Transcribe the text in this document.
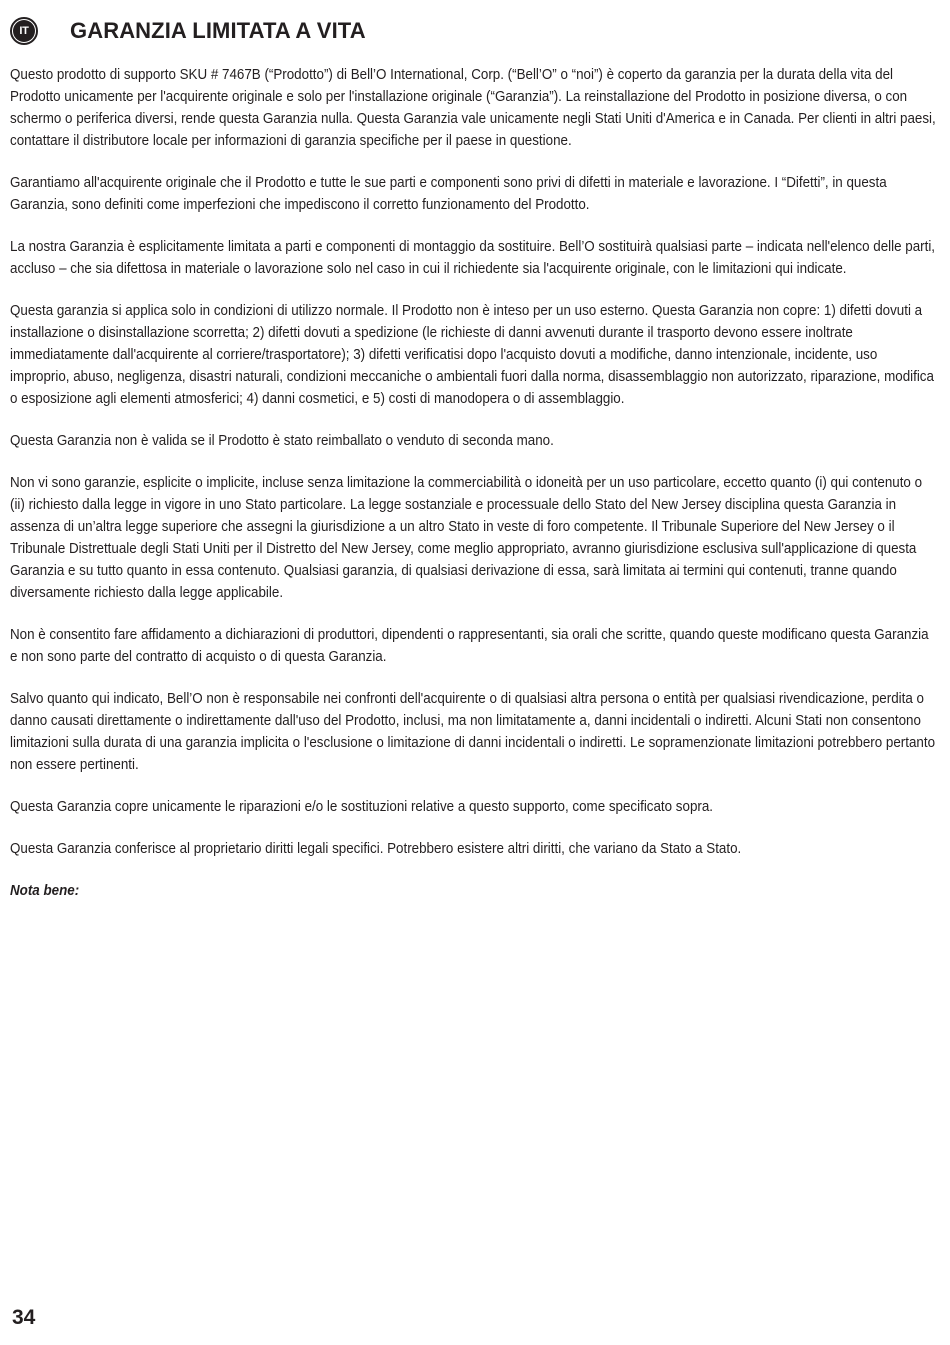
IT GARANZIA LIMITATA A VITA

Questo prodotto di supporto SKU # 7467B (“Prodotto”) di Bell’O International, Corp. (“Bell’O” o “noi”) è coperto da garanzia per la durata della vita del Prodotto unicamente per l'acquirente originale e solo per l'installazione originale (“Garanzia”). La reinstallazione del Prodotto in posizione diversa, o con schermo o periferica diversi, rende questa Garanzia nulla. Questa Garanzia vale unicamente negli Stati Uniti d'America e in Canada. Per clienti in altri paesi, contattare il distributore locale per informazioni di garanzia specifiche per il paese in questione.

Garantiamo all'acquirente originale che il Prodotto e tutte le sue parti e componenti sono privi di difetti in materiale e lavorazione. I “Difetti”, in questa Garanzia, sono definiti come imperfezioni che impediscono il corretto funzionamento del Prodotto.

La nostra Garanzia è esplicitamente limitata a parti e componenti di montaggio da sostituire. Bell’O sostituirà qualsiasi parte – indicata nell'elenco delle parti, accluso – che sia difettosa in materiale o lavorazione solo nel caso in cui il richiedente sia l'acquirente originale, con le limitazioni qui indicate.

Questa garanzia si applica solo in condizioni di utilizzo normale. Il Prodotto non è inteso per un uso esterno. Questa Garanzia non copre: 1) difetti dovuti a installazione o disinstallazione scorretta; 2) difetti dovuti a spedizione (le richieste di danni avvenuti durante il trasporto devono essere inoltrate immediatamente dall'acquirente al corriere/trasportatore); 3) difetti verificatisi dopo l'acquisto dovuti a modifiche, danno intenzionale, incidente, uso improprio, abuso, negligenza, disastri naturali, condizioni meccaniche o ambientali fuori dalla norma, disassemblaggio non autorizzato, riparazione, modifica o esposizione agli elementi atmosferici; 4) danni cosmetici, e 5) costi di manodopera o di assemblaggio.

Questa Garanzia non è valida se il Prodotto è stato reimballato o venduto di seconda mano.

Non vi sono garanzie, esplicite o implicite, incluse senza limitazione la commerciabilità o idoneità per un uso particolare, eccetto quanto (i) qui contenuto o (ii) richiesto dalla legge in vigore in uno Stato particolare. La legge sostanziale e processuale dello Stato del New Jersey disciplina questa Garanzia in assenza di un’altra legge superiore che assegni la giurisdizione a un altro Stato in veste di foro competente. Il Tribunale Superiore del New Jersey o il Tribunale Distrettuale degli Stati Uniti per il Distretto del New Jersey, come meglio appropriato, avranno giurisdizione esclusiva sull'applicazione di questa Garanzia e su tutto quanto in essa contenuto. Qualsiasi garanzia, di qualsiasi derivazione di essa, sarà limitata ai termini qui contenuti, tranne quando diversamente richiesto dalla legge applicabile.

Non è consentito fare affidamento a dichiarazioni di produttori, dipendenti o rappresentanti, sia orali che scritte, quando queste modificano questa Garanzia e non sono parte del contratto di acquisto o di questa Garanzia.

Salvo quanto qui indicato, Bell’O non è responsabile nei confronti dell'acquirente o di qualsiasi altra persona o entità per qualsiasi rivendicazione, perdita o danno causati direttamente o indirettamente dall'uso del Prodotto, inclusi, ma non limitatamente a, danni incidentali o indiretti. Alcuni Stati non consentono limitazioni sulla durata di una garanzia implicita o l'esclusione o limitazione di danni incidentali o indiretti. Le sopramenzionate limitazioni potrebbero pertanto non essere pertinenti.

Questa Garanzia copre unicamente le riparazioni e/o le sostituzioni relative a questo supporto, come specificato sopra.

Questa Garanzia conferisce al proprietario diritti legali specifici. Potrebbero esistere altri diritti, che variano da Stato a Stato.

Nota bene:

34
